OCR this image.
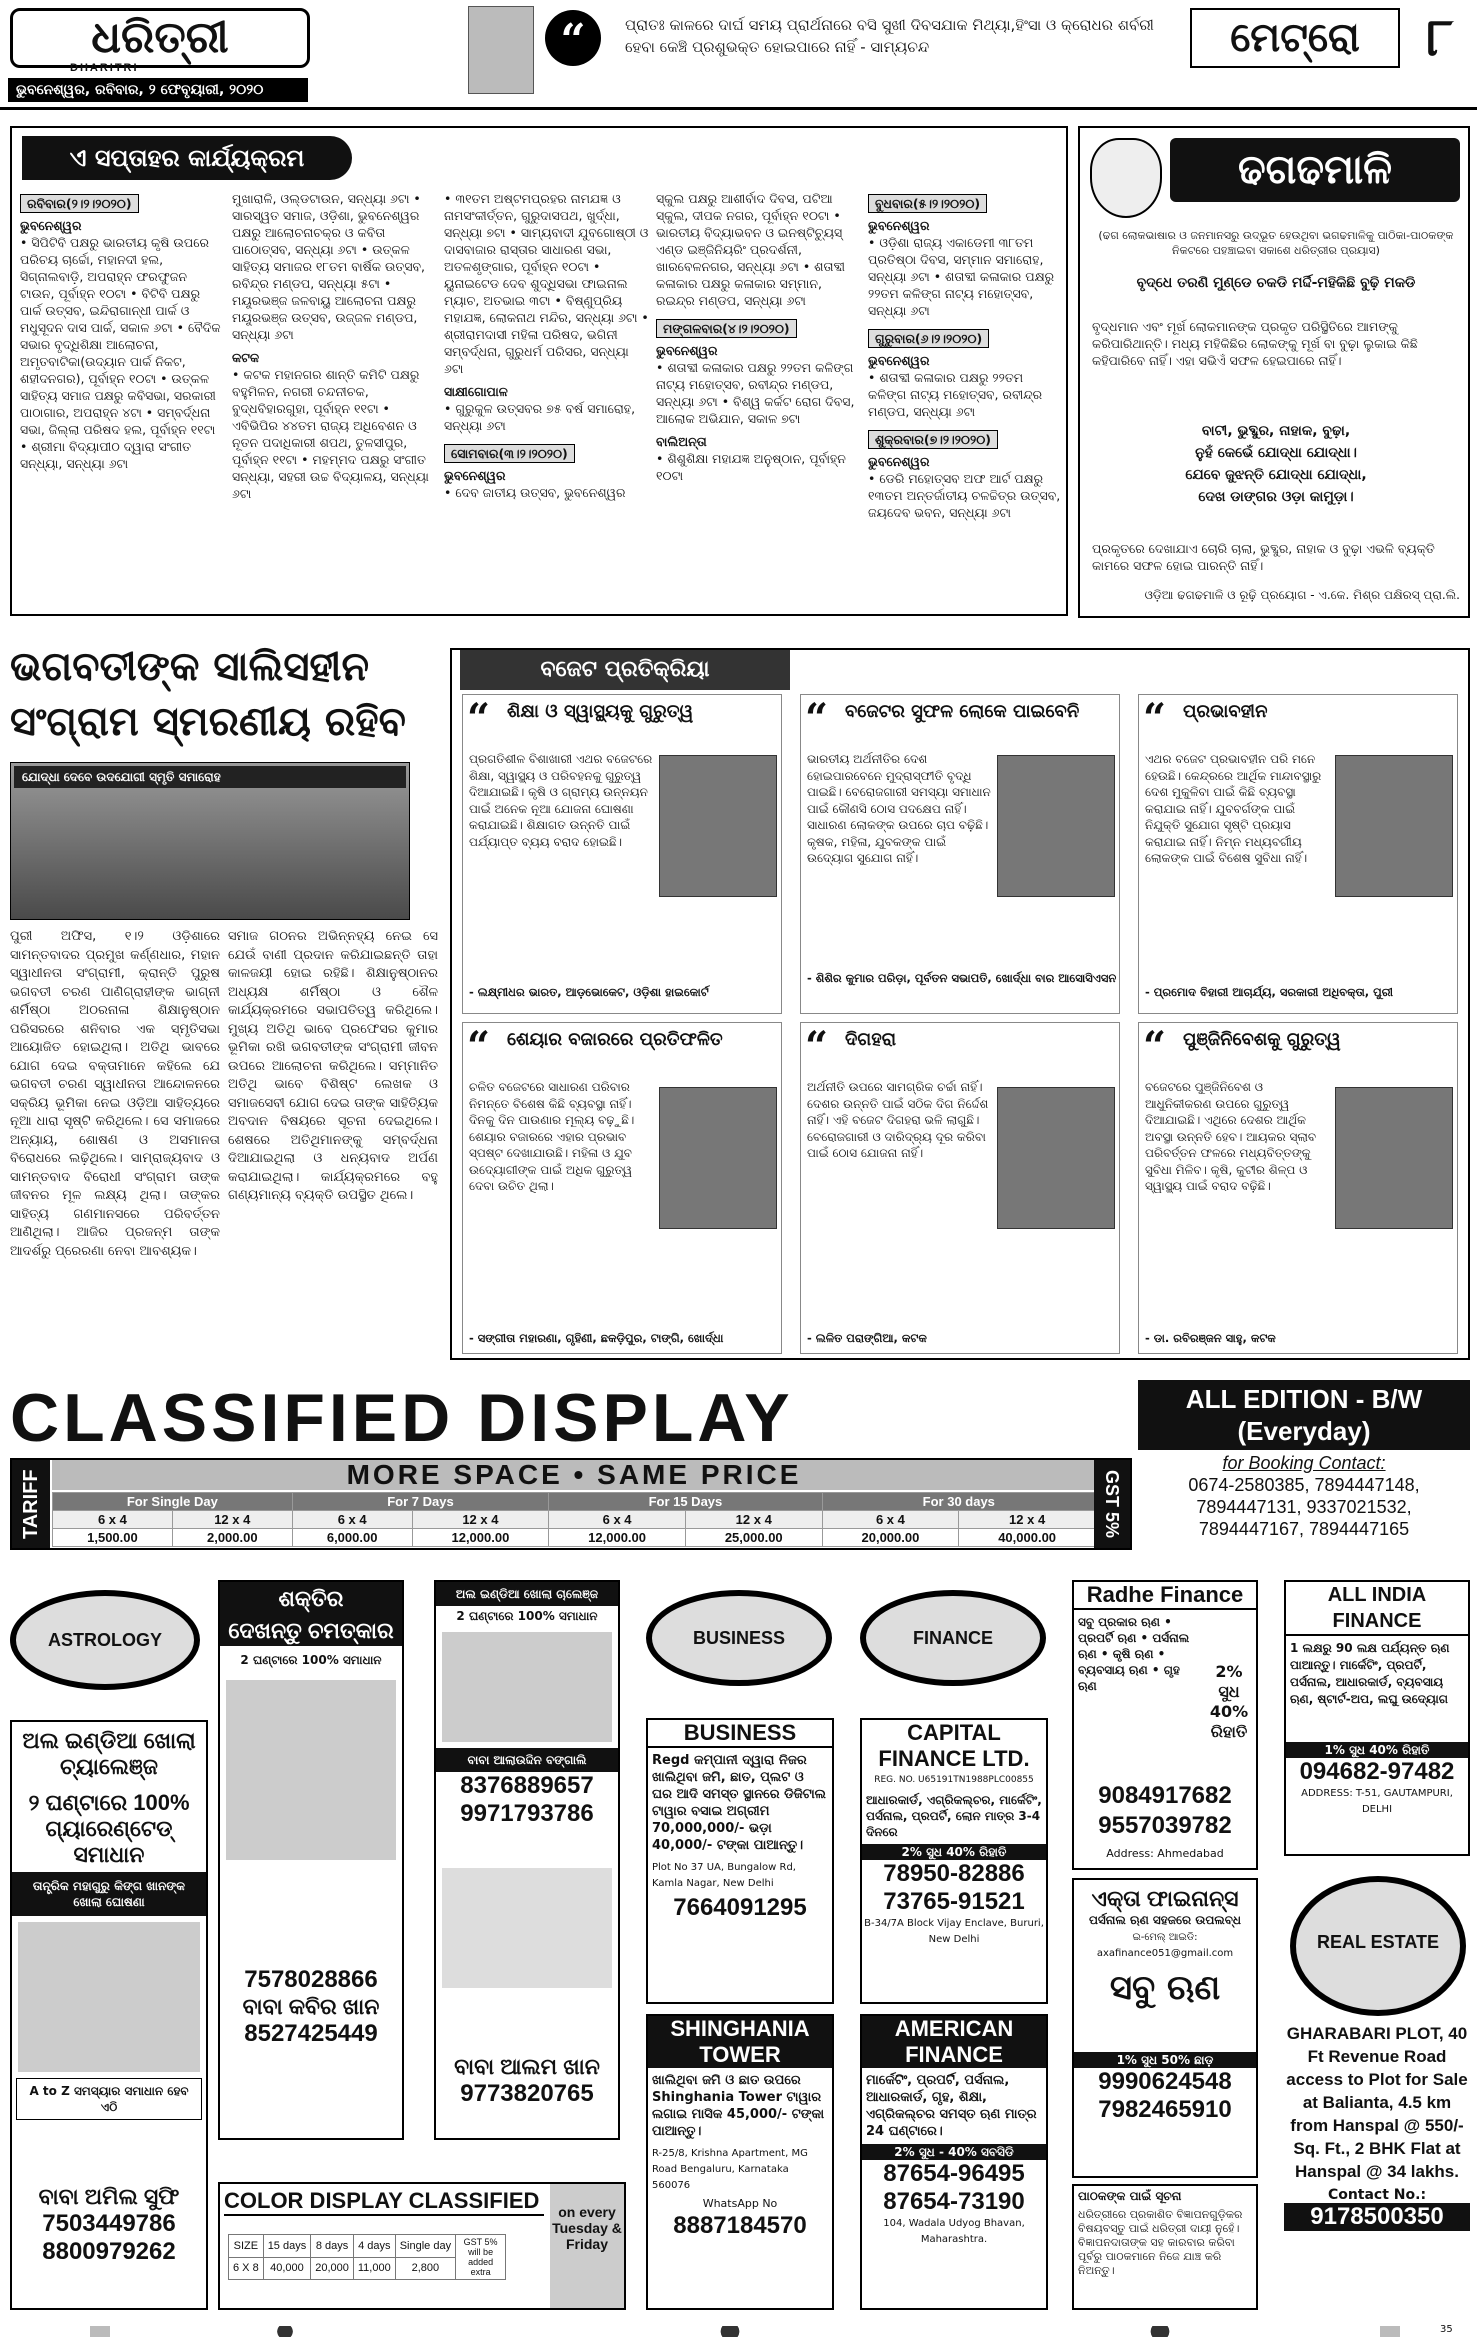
ଧରିତ୍ରୀ
DHARITRI
ଭୁବନେଶ୍ୱର, ରବିବାର, ୨ ଫେବୃୟାରୀ, ୨୦୨୦
“	ପ୍ରାତଃ କାଳରେ ଦାର୍ଘ ସମୟ ପ୍ରାର୍ଥନାରେ ବସି ସୁଖୀ ଦିବସଯାକ ମିଥ୍ୟା,ହିଂସା ଓ କ୍ରୋଧର ଶର୍ବରୀ ହେବା କେଞ୍ଚି ପ୍ରଶୁଭକ୍ତ ହୋଇପାରେ ନାହିଁ - ସାମ୍ୟଚନ୍ଦ	ମେଟ୍ରୋ	୮
ଏ ସପ୍ତାହର କାର୍ଯ୍ୟକ୍ରମ
ରବିବାର(୨।୨।୨୦୨୦)
ଭୁବନେଶ୍ୱର

• ସିପିଟିବି ପକ୍ଷରୁ ଭାରତୀୟ କୃଷି ଉପରେ ପରିଚୟ ଚାର୍ଚ୍ଚୋ, ମହାନଦୀ ହଲ, ସିଗ୍ନାଲବାଡ଼ି, ଅପରାହ୍ନ ଫରଫୁଜନ ଟାଉନ, ପୂର୍ବାହ୍ନ ୧୦ଟା • ବିଟିବି ପକ୍ଷରୁ ପାର୍କ ଉତ୍ସବ, ଇନ୍ଦିରାଗାନ୍ଧୀ ପାର୍କ ଓ ମଧୁସୂଦନ ଦାସ ପାର୍କ, ସକାଳ ୬ଟା • ବୈଦିକ ସଭାର ବୃଦ୍ଧିଶିକ୍ଷା ଆଲୋଚନା, ଅମୃତବାଟିକା(ଉଦ୍ୟାନ ପାର୍କ ନିକଟ, ଶହୀଦନଗର), ପୂର୍ବାହ୍ନ ୧୦ଟା • ଉତ୍କଳ ସାହିତ୍ୟ ସମାଜ ପକ୍ଷରୁ କବିସଭା, ସରକାରୀ ପାଠାଗାର, ଅପରାହ୍ନ ୪ଟା • ସମ୍ବର୍ଦ୍ଧନା ସଭା, ଜିଲ୍ଲା ପରିଷଦ ହଲ, ପୂର୍ବାହ୍ନ ୧୧ଟା • ଶ୍ରୀମା ବିଦ୍ୟାପୀଠ ଦ୍ୱାରା ସଂଗୀତ ସନ୍ଧ୍ୟା, ସନ୍ଧ୍ୟା ୬ଟା

ମୁଖାରାଳି, ଓଲ୍ଡଟାଉନ, ସନ୍ଧ୍ୟା ୬ଟା • ସାରସ୍ୱତ ସମାଜ, ଓଡ଼ିଶା, ଭୁବନେଶ୍ୱର ପକ୍ଷରୁ ଆଲୋଚନାଚକ୍ର ଓ କବିତା ପାଠୋତ୍ସବ, ସନ୍ଧ୍ୟା ୬ଟା • ଉତ୍କଳ ସାହିତ୍ୟ ସମାଜର ୧୮ତମ ବାର୍ଷିକ ଉତ୍ସବ, ରବିନ୍ଦ୍ର ମଣ୍ଡପ, ସନ୍ଧ୍ୟା ୫ଟା • ମୟୂରଭଞ୍ଜ ଜଳବାୟୁ ଆଲୋଚନା ପକ୍ଷରୁ ମୟୂରଭଞ୍ଜ ଉତ୍ସବ, ଉଜ୍ଜଳ ମଣ୍ଡପ, ସନ୍ଧ୍ୟା ୬ଟା

କଟକ

• କଟକ ମହାନଗର ଶାନ୍ତି କମିଟି ପକ୍ଷରୁ ବହୁମିଳନ, ନଗରୀ ଚନ୍ଦନୀଚକ, ବୁଦ୍ଧବିହାରଗୁହା, ପୂର୍ବାହ୍ନ ୧୧ଟା • ଏବିଭିପିର ୪୪ତମ ରାଜ୍ୟ ଅଧିବେଶନ ଓ ନୂତନ ପଦାଧିକାରୀ ଶପଥ, ତୁଳସୀପୁର, ପୂର୍ବାହ୍ନ ୧୧ଟା • ମହମ୍ମଦ ପକ୍ଷରୁ ସଂଗୀତ ସନ୍ଧ୍ୟା, ସହରୀ ଉଚ୍ଚ ବିଦ୍ୟାଳୟ, ସନ୍ଧ୍ୟା ୬ଟା

• ୩୧ତମ ଅଷ୍ଟମପ୍ରହର ନାମଯଜ୍ଞ ଓ ନାମସଂକୀର୍ତ୍ତନ, ଗୁରୁଦାସପଥ, ଖୁର୍ଦ୍ଧା, ସନ୍ଧ୍ୟା ୭ଟା • ସାମ୍ୟବାଦୀ ଯୁବଗୋଷ୍ଠୀ ଓ ଦାସବାଜାର ରାସ୍ତାର ସାଧାରଣ ସଭା, ଅତଳଶୃଙ୍ଗାର, ପୂର୍ବାହ୍ନ ୧୦ଟା • ୟୁନାଇଟେଡ ଦେବ ଶୁଦ୍ଧିସଭା ଫାଇନାଲ ମ୍ୟାଚ, ଅତଭାଇ ୩ଟା • ବିଷ୍ଣୁପ୍ରିୟ ମହାଯଜ୍ଞ, ଲୋକନାଥ ମନ୍ଦିର, ସନ୍ଧ୍ୟା ୬ଟା • ଶ୍ରୀରାମଦାସୀ ମହିଳା ପରିଷଦ, ଭଗିନୀ ସମ୍ବର୍ଦ୍ଧନା, ଗୁରୁଧର୍ମ ପରିସର, ସନ୍ଧ୍ୟା ୬ଟା

ସାକ୍ଷୀଗୋପାଳ

• ଗୁରୁକୁଳ ଉତ୍ସବର ୭୫ ବର୍ଷ ସମାରୋହ, ସନ୍ଧ୍ୟା ୬ଟା

ସୋମବାର(୩।୨।୨୦୨୦)
ଭୁବନେଶ୍ୱର

• ଦେବ ଜାତୀୟ ଉତ୍ସବ, ଭୁବନେଶ୍ୱର

ସ୍କୁଲ ପକ୍ଷରୁ ଆଶୀର୍ବାଦ ଦିବସ, ପଟିଆ ସ୍କୁଲ, ଦୀପକ ନଗର, ପୂର୍ବାହ୍ନ ୧୦ଟା • ଭାରତୀୟ ବିଦ୍ୟାଭବନ ଓ ଇନଷ୍ଟିଚ୍ୟୁସ୍ ଏଣ୍ଡ ଇଞ୍ଜିନିୟରିଂ ପ୍ରଦର୍ଶନୀ, ଖାରବେଳନଗର, ସନ୍ଧ୍ୟା ୬ଟା • ଶତାବ୍ଦୀ କଳାକାର ପକ୍ଷରୁ କଳାକାର ସମ୍ମାନ, ରଇନ୍ଦ୍ର ମଣ୍ଡପ, ସନ୍ଧ୍ୟା ୬ଟା

ମଙ୍ଗଳବାର(୪।୨।୨୦୨୦)
ଭୁବନେଶ୍ୱର

• ଶତାବ୍ଦୀ କଳାକାର ପକ୍ଷରୁ ୨୨ତମ କଳିଙ୍ଗ ନାଟ୍ୟ ମହୋତ୍ସବ, ରବୀନ୍ଦ୍ର ମଣ୍ଡପ, ସନ୍ଧ୍ୟା ୬ଟା • ବିଶ୍ୱ କର୍କଟ ରୋଗ ଦିବସ, ଆଲୋକ ଅଭିଯାନ, ସକାଳ ୭ଟା

ବାଲିଅନ୍ତା

• ଶିଶୁଶିକ୍ଷା ମହାଯଜ୍ଞ ଅନୁଷ୍ଠାନ, ପୂର୍ବାହ୍ନ ୧୦ଟା

ବୁଧବାର(୫।୨।୨୦୨୦)
ଭୁବନେଶ୍ୱର

• ଓଡ଼ିଶା ରାଜ୍ୟ ଏକାଡେମୀ ୩୮ତମ ପ୍ରତିଷ୍ଠା ଦିବସ, ସମ୍ମାନ ସମାରୋହ, ସନ୍ଧ୍ୟା ୬ଟା • ଶତାବ୍ଦୀ କଳାକାର ପକ୍ଷରୁ ୨୨ତମ କଳିଙ୍ଗ ନାଟ୍ୟ ମହୋତ୍ସବ, ସନ୍ଧ୍ୟା ୬ଟା

ଗୁରୁବାର(୬।୨।୨୦୨୦)
ଭୁବନେଶ୍ୱର

• ଶତାବ୍ଦୀ କଳାକାର ପକ୍ଷରୁ ୨୨ତମ କଳିଙ୍ଗ ନାଟ୍ୟ ମହୋତ୍ସବ, ରବୀନ୍ଦ୍ର ମଣ୍ଡପ, ସନ୍ଧ୍ୟା ୬ଟା

ଶୁକ୍ରବାର(୭।୨।୨୦୨୦)
ଭୁବନେଶ୍ୱର

• ଡେରି ମହୋତ୍ସବ ଅଫ ଆର୍ଟ ପକ୍ଷରୁ ୧୩ତମ ଅନ୍ତର୍ଜାତୀୟ ଚଳଚ୍ଚିତ୍ର ଉତ୍ସବ, ଜୟଦେବ ଭବନ, ସନ୍ଧ୍ୟା ୬ଟା

ଢଗଢମାଳି
(ଢଗ ଲୋକଭାଷାର ଓ ଜନମାନସରୁ ଉଦ୍ଭୂତ ହେଉଥିବା ଭଗଢମାଳିକୁ ପାଠିକା-ପାଠକଙ୍କ ନିକଟରେ ପହଞ୍ଚାଇବା ସକାଶେ ଧରିତ୍ରୀର ପ୍ରୟାସ)
ବୃଦ୍ଧେ ତରଣି ମୁଣ୍ଡେ ଚକଡି ମର୍ଦ୍ଦି-ମହିକିଛି ବୁଢ଼ି ମକଡି
ବୃଦ୍ଧମାନ ଏବଂ ମୂର୍ଖ ଲୋକମାନଙ୍କ ପ୍ରକୃତ ପରିସ୍ଥିତିରେ ଆମଙ୍କୁ କରିପାରିଥାନ୍ତି। ମଧ୍ୟ ମହିକିଛିର ଲୋକଙ୍କୁ ମୂର୍ଖ ବା ବୁଢ଼ା ଲୁକାଇ କିଛି କହିପାରିବେ ନାହିଁ। ଏହା ସଭିଏଁ ସଫଳ ହେଇପାରେ ନାହିଁ।
ବାଟୀ, ଭୁବ୍ଦୁର, ନାହାକ, ବୁଢ଼ା,
ନୁହଁ କେଭେଁ ଯୋଦ୍ଧା ଯୋଦ୍ଧା।
ଯେବେ ଜୁଝନ୍ତି ଯୋଦ୍ଧା ଯୋଦ୍ଧା,
ଦେଖ ଡାଙ୍ଗର ଓଡ଼ା କାମୁଡ଼ା।
ପ୍ରକୃତରେ ଦେଖାଯାଏ ଚୋରି ଚାଲା, ଭୁବ୍ଦୁର, ନାହାକ ଓ ବୁଢ଼ା ଏଭଳି ବ୍ୟକ୍ତି କାମରେ ସଫଳ ହୋଇ ପାରନ୍ତି ନାହିଁ।
ଓଡ଼ିଆ ଢଗଢମାଳି ଓ ରୂଢ଼ି ପ୍ରୟୋଗ - ଏ.କେ. ମିଶ୍ର ପକ୍ଷିରସ୍ ପ୍ରା.ଲି.
ଭଗବତୀଙ୍କ ସାଲିସହୀନ
ସଂଗ୍ରାମ ସ୍ମରଣୀୟ ରହିବ
ଯୋଦ୍ଧା ଦେବେ ଉଦଯୋଗୀ ସ୍ମୃତି ସମାରୋହ
ପୁରୀ ଅଫିସ, ୧।୨ ଓଡ଼ିଶାରେ ସାମନ୍ତବାଦର ପ୍ରମୁଖ କର୍ଣ୍ଣଧାର, ମହାନ ସ୍ୱାଧୀନତା ସଂଗ୍ରାମୀ, କ୍ରାନ୍ତି ପୁରୁଷ ଭଗବତୀ ଚରଣ ପାଣିଗ୍ରାହୀଙ୍କ ଭାଗ୍ନୀ ଶର୍ମିଷ୍ଠା ଅଠରନାଳା ଶିକ୍ଷାନୁଷ୍ଠାନ ପରିସରରେ ଶନିବାର ଏକ ସ୍ମୃତିସଭା ଆୟୋଜିତ ହୋଇଥିଲା। ଅତିଥି ଭାବରେ ଯୋଗ ଦେଇ ବକ୍ତାମାନେ କହିଲେ ଯେ ଭଗବତୀ ଚରଣ ସ୍ୱାଧୀନତା ଆନ୍ଦୋଳନରେ ସକ୍ରିୟ ଭୂମିକା ନେଇ ଓଡ଼ିଆ ସାହିତ୍ୟରେ ନୂଆ ଧାରା ସୃଷ୍ଟି କରିଥିଲେ। ସେ ସମାଜରେ ଅନ୍ୟାୟ, ଶୋଷଣ ଓ ଅସମାନତା ବିରୋଧରେ ଲଢ଼ିଥିଲେ। ସାମ୍ରାଜ୍ୟବାଦ ଓ ସାମନ୍ତବାଦ ବିରୋଧୀ ସଂଗ୍ରାମ ତାଙ୍କ ଜୀବନର ମୂଳ ଲକ୍ଷ୍ୟ ଥିଲା। ତାଙ୍କର ସାହିତ୍ୟ ଗଣମାନସରେ ପରିବର୍ତ୍ତନ ଆଣିଥିଲା। ଆଜିର ପ୍ରଜନ୍ମ ତାଙ୍କ ଆଦର୍ଶରୁ ପ୍ରେରଣା ନେବା ଆବଶ୍ୟକ।
ସମାଜ ଗଠନର ଅଭିନ୍ନହ୍ୟ ନେଇ ସେ ଯେଉଁ ବାଣୀ ପ୍ରଦାନ କରିଯାଇଛନ୍ତି ତାହା କାଳଜୟୀ ହୋଇ ରହିଛି। ଶିକ୍ଷାନୁଷ୍ଠାନର ଅଧ୍ୟକ୍ଷ ଶର୍ମିଷ୍ଠା ଓ ଶୈଳ କାର୍ଯ୍ୟକ୍ରମରେ ସଭାପତିତ୍ୱ କରିଥିଲେ। ମୁଖ୍ୟ ଅତିଥି ଭାବେ ପ୍ରଫେସର କୁମାର ଭୂମିକା ରଖି ଭଗବତୀଙ୍କ ସଂଗ୍ରାମୀ ଜୀବନ ଉପରେ ଆଲୋଚନା କରିଥିଲେ। ସମ୍ମାନିତ ଅତିଥି ଭାବେ ବିଶିଷ୍ଟ ଲେଖକ ଓ ସମାଜସେବୀ ଯୋଗ ଦେଇ ତାଙ୍କ ସାହିତ୍ୟିକ ଅବଦାନ ବିଷୟରେ ସୂଚନା ଦେଇଥିଲେ। ଶେଷରେ ଅତିଥିମାନଙ୍କୁ ସମ୍ବର୍ଦ୍ଧନା ଦିଆଯାଇଥିଲା ଓ ଧନ୍ୟବାଦ ଅର୍ପଣ କରାଯାଇଥିଲା। କାର୍ଯ୍ୟକ୍ରମରେ ବହୁ ଗଣ୍ୟମାନ୍ୟ ବ୍ୟକ୍ତି ଉପସ୍ଥିତ ଥିଲେ।
ବଜେଟ ପ୍ରତିକ୍ରିୟା
“ ଶିକ୍ଷା ଓ ସ୍ୱାସ୍ଥ୍ୟକୁ ଗୁରୁତ୍ୱ
ପ୍ରଗତିଶୀଳ ବିଶାଖାରୀ ଏଥର ବଜେଟରେ ଶିକ୍ଷା, ସ୍ୱାସ୍ଥ୍ୟ ଓ ପରିବହନକୁ ଗୁରୁତ୍ୱ ଦିଆଯାଇଛି। କୃଷି ଓ ଗ୍ରାମ୍ୟ ଉନ୍ନୟନ ପାଇଁ ଅନେକ ନୂଆ ଯୋଜନା ଘୋଷଣା କରାଯାଇଛି। ଶିକ୍ଷାଗତ ଉନ୍ନତି ପାଇଁ ପର୍ଯ୍ୟାପ୍ତ ବ୍ୟୟ ବରାଦ ହୋଇଛି।
- ଲକ୍ଷ୍ମୀଧର ଭାରତ, ଆଡ଼ଭୋକେଟ, ଓଡ଼ିଶା ହାଇକୋର୍ଟ
“ ବଜେଟର ସୁଫଳ ଲୋକେ ପାଇବେନି
ଭାରତୀୟ ଅର୍ଥନୀତିର ଦେଶ ହୋଇପାରବେନେ ମୁଦ୍ରାସ୍ଫୀତି ବୃଦ୍ଧି ପାଇଛି। ବେରୋଜଗାରୀ ସମସ୍ୟା ସମାଧାନ ପାଇଁ କୌଣସି ଠୋସ ପଦକ୍ଷେପ ନାହିଁ। ସାଧାରଣ ଲୋକଙ୍କ ଉପରେ ଚାପ ବଢ଼ିଛି। କୃଷକ, ମହିଳା, ଯୁବକଙ୍କ ପାଇଁ ଉଦ୍ୟୋଗ ସୁଯୋଗ ନାହିଁ।
- ଶିଶିର କୁମାର ପରିଡ଼ା, ପୂର୍ବତନ ସଭାପତି, ଖୋର୍ଦ୍ଧା ବାର ଆସୋସିଏସନ
“ ପ୍ରଭାବହୀନ
ଏଥର ବଜେଟ ପ୍ରଭାବହୀନ ପରି ମନେ ହେଉଛି। କେନ୍ଦ୍ରରେ ଆର୍ଥିକ ମାନ୍ଦାବସ୍ଥାରୁ ଦେଶ ମୁକୁଳିବା ପାଇଁ କିଛି ବ୍ୟବସ୍ଥା କରାଯାଇ ନାହିଁ। ଯୁବବର୍ଗଙ୍କ ପାଇଁ ନିଯୁକ୍ତି ସୁଯୋଗ ସୃଷ୍ଟି ପ୍ରୟାସ କରାଯାଇ ନାହିଁ। ନିମ୍ନ ମଧ୍ୟବର୍ଗୀୟ ଲୋକଙ୍କ ପାଇଁ ବିଶେଷ ସୁବିଧା ନାହିଁ।
- ପ୍ରମୋଦ ବିହାରୀ ଆଚାର୍ଯ୍ୟ, ସରକାରୀ ଅଧିବକ୍ତା, ପୁରୀ
“ ଶେୟାର ବଜାରରେ ପ୍ରତିଫଳିତ
ଚଳିତ ବଜେଟରେ ସାଧାରଣ ପରିବାର ନିମନ୍ତେ ବିଶେଷ କିଛି ବ୍ୟବସ୍ଥା ନାହିଁ। ଦିନକୁ ଦିନ ପାଉଣାର ମୂଲ୍ୟ ବଢ଼ୁଛି। ଶେୟାର ବଜାରରେ ଏହାର ପ୍ରଭାବ ସ୍ପଷ୍ଟ ଦେଖାଯାଉଛି। ମହିଳା ଓ ଯୁବ ଉଦ୍ୟୋଗୀଙ୍କ ପାଇଁ ଅଧିକ ଗୁରୁତ୍ୱ ଦେବା ଉଚିତ ଥିଲା।
- ସଙ୍ଗୀତା ମହାରଣା, ଗୃହିଣୀ, ଛକଡ଼ିପୁର, ଟାଙ୍ଗି, ଖୋର୍ଦ୍ଧା
“ ଦିଗହରା
ଅର୍ଥନୀତି ଉପରେ ସାମଗ୍ରିକ ଚର୍ଚ୍ଚା ନାହିଁ। ଦେଶର ଉନ୍ନତି ପାଇଁ ସଠିକ ଦିଗ ନିର୍ଦ୍ଦେଶ ନାହିଁ। ଏହି ବଜେଟ ଦିଗହରା ଭଳି ଲାଗୁଛି। ବେରୋଜଗାରୀ ଓ ଦାରିଦ୍ର୍ୟ ଦୂର କରିବା ପାଇଁ ଠୋସ ଯୋଜନା ନାହିଁ।
- ଲଳିତ ପରାଙ୍ଗିଆ, କଟକ
“ ପୁଞ୍ଜିନିବେଶକୁ ଗୁରୁତ୍ୱ
ବଜେଟରେ ପୁଞ୍ଜିନିବେଶ ଓ ଆଧୁନିକୀକରଣ ଉପରେ ଗୁରୁତ୍ୱ ଦିଆଯାଇଛି। ଏଥିରେ ଦେଶର ଆର୍ଥିକ ଅବସ୍ଥା ଉନ୍ନତି ହେବ। ଆୟକର ସ୍ଲାବ ପରିବର୍ତ୍ତନ ଫଳରେ ମଧ୍ୟବିତ୍ତଙ୍କୁ ସୁବିଧା ମିଳିବ। କୃଷି, କୁଟୀର ଶିଳ୍ପ ଓ ସ୍ୱାସ୍ଥ୍ୟ ପାଇଁ ବରାଦ ବଢ଼ିଛି।
- ଡା. ରବିରଞ୍ଜନ ସାହୁ, କଟକ
CLASSIFIED DISPLAY	ALL EDITION - B/W
(Everyday)
TARIFF	MORE SPACE • SAME PRICE
For Single Day		For 7 Days		For 15 Days		For 30 days	
6 x 4	12 x 4	6 x 4	12 x 4	6 x 4	12 x 4	6 x 4	12 x 4
1,500.00	2,000.00	6,000.00	12,000.00	12,000.00	25,000.00	20,000.00	40,000.00	GST 5%
for Booking Contact:
0674-2580385, 7894447148,
7894447131, 9337021532,
7894447167, 7894447165
ASTROLOGY
ଅଲ ଇଣ୍ଡିଆ ଖୋଲା ଚ୍ୟାଲେଞ୍ଜ
୨ ଘଣ୍ଟାରେ 100% ଗ୍ୟାରେଣ୍ଟେଡ୍ ସମାଧାନ
ତାନ୍ତ୍ରିକ ମହାଗୁରୁ କିଙ୍ଗ ଖାନଙ୍କ ଖୋଲା ଘୋଷଣା
A to Z ସମସ୍ୟାର ସମାଧାନ ହେବ ଏଠି
ବାବା ଅମିଲ ସୁଫି
7503449786
8800979262
ଶକ୍ତିର
ଦେଖନ୍ତୁ ଚମତ୍କାର
2 ଘଣ୍ଟାରେ 100% ସମାଧାନ
7578028866
ବାବା କବିର ଖାନ
8527425449
ଅଲ ଇଣ୍ଡିଆ ଖୋଲା ଚାଲେଞ୍ଜ
2 ଘଣ୍ଟାରେ 100% ସମାଧାନ
ବାବା ଆଲାଉଦ୍ଦିନ ବଙ୍ଗାଲି
8376889657
9971793786
ବାବା ଆଲମ ଖାନ
9773820765
BUSINESS
BUSINESS
Regd କମ୍ପାନୀ ଦ୍ୱାରା ନିଜର ଖାଲିଥିବା ଜମି, ଛାତ, ପ୍ଲଟ ଓ ଘର ଆଦି ସମସ୍ତ ସ୍ଥାନରେ ଡିଜିଟାଲ ଟାୱାର ବସାଇ ଅଗ୍ରୀମ 70,000,000/- ଭଡ଼ା 40,000/- ଟଙ୍କା ପାଆନ୍ତୁ।
Plot No 37 UA, Bungalow Rd, Kamla Nagar, New Delhi
7664091295
SHINGHANIA TOWER
ଖାଲିଥିବା ଜମି ଓ ଛାତ ଉପରେ Shinghania Tower ଟାୱାର ଲଗାଇ ମାସିକ 45,000/- ଟଙ୍କା ପାଆନ୍ତୁ।
R-25/8, Krishna Apartment, MG Road Bengaluru, Karnataka 560076
WhatsApp No
8887184570
FINANCE
CAPITAL FINANCE LTD.
REG. NO. U65191TN1988PLC00855
ଆଧାରକାର୍ଡ, ଏଗ୍ରିକଲ୍ଚର, ମାର୍କେଟିଂ, ପର୍ସନାଲ, ପ୍ରପର୍ଟି, ଲୋନ ମାତ୍ର 3-4 ଦିନରେ
2% ସୁଧ 40% ରିହାତି
78950-82886
73765-91521
B-34/7A Block Vijay Enclave, Bururi, New Delhi
AMERICAN FINANCE
ମାର୍କେଟିଂ, ପ୍ରପର୍ଟି, ପର୍ସନାଲ, ଆଧାରକାର୍ଡ, ଗୃହ, ଶିକ୍ଷା, ଏଗ୍ରିକଲ୍ଚର ସମସ୍ତ ଋଣ ମାତ୍ର 24 ଘଣ୍ଟାରେ।
2% ସୁଧ - 40% ସବସିଡି
87654-96495
87654-73190
104, Wadala Udyog Bhavan, Maharashtra.
Radhe Finance
ସବୁ ପ୍ରକାର ଋଣ • ପ୍ରପର୍ଟି ଋଣ • ପର୍ସନାଲ ଋଣ • କୃଷି ଋଣ • ବ୍ୟବସାୟ ଋଣ • ଗୃହ ଋଣ
2%
ସୁଧ
40%
ରିହାତି
9084917682
9557039782
Address: Ahmedabad
ଏକ୍ତା ଫାଇନାନ୍ସ
ପର୍ସନାଲ ଋଣ ସହଜରେ ଉପଲବ୍ଧ
ଇ-ମେଲ୍ ଆଇଡି: axafinance051@gmail.com
ସବୁ ଋଣ
1% ସୁଧ 50% ଛାଡ଼
9990624548
7982465910
ପାଠକଙ୍କ ପାଇଁ ସୂଚନା
ଧରିତ୍ରୀରେ ପ୍ରକାଶିତ ବିଜ୍ଞାପନଗୁଡ଼ିକର ବିଷୟବସ୍ତୁ ପାଇଁ ଧରିତ୍ରୀ ଦାୟୀ ନୁହେଁ। ବିଜ୍ଞାପନଦାତାଙ୍କ ସହ କାରବାର କରିବା ପୂର୍ବରୁ ପାଠକମାନେ ନିଜେ ଯାଞ୍ଚ କରି ନିଅନ୍ତୁ।
ALL INDIA FINANCE
1 ଲକ୍ଷରୁ 90 ଲକ୍ଷ ପର୍ଯ୍ୟନ୍ତ ଋଣ ପାଆନ୍ତୁ। ମାର୍କେଟିଂ, ପ୍ରପର୍ଟି, ପର୍ସନାଲ, ଆଧାରକାର୍ଡ, ବ୍ୟବସାୟ ଋଣ, ଷ୍ଟାର୍ଟ-ଅପ, ଲଘୁ ଉଦ୍ୟୋଗ
1% ସୁଧ 40% ରିହାତି
094682-97482
ADDRESS: T-51, GAUTAMPURI, DELHI
REAL ESTATE
GHARABARI PLOT, 40 Ft Revenue Road access to Plot for Sale at Balianta, 4.5 km from Hanspal @ 550/- Sq. Ft., 2 BHK Flat at Hanspal @ 34 lakhs.
Contact No.:
9178500350
COLOR DISPLAY CLASSIFIED	on every Tuesday & Friday
SIZE	15 days	8 days	4 days	Single day	GST 5% will be added extra
6 X 8	40,000	20,000	11,000	2,800	
35
